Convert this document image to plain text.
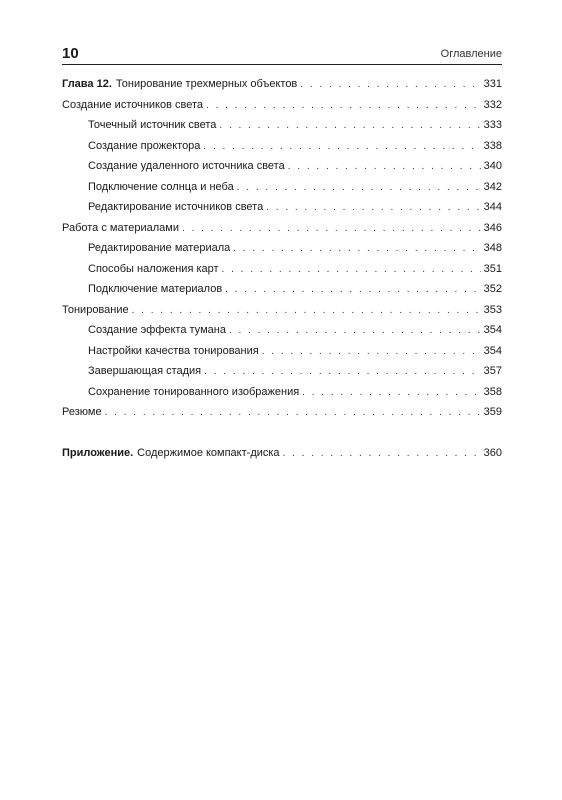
10	Оглавление
Глава 12. Тонирование трехмерных объектов . . .	331
Создание источников света . . .	332
Точечный источник света . . .	333
Создание прожектора . . .	338
Создание удаленного источника света . . .	340
Подключение солнца и неба . . .	342
Редактирование источников света . . .	344
Работа с материалами . . .	346
Редактирование материала . . .	348
Способы наложения карт . . .	351
Подключение материалов . . .	352
Тонирование . . .	353
Создание эффекта тумана . . .	354
Настройки качества тонирования . . .	354
Завершающая стадия . . .	357
Сохранение тонированного изображения . . .	358
Резюме . . .	359
Приложение. Содержимое компакт-диска . . .	360
